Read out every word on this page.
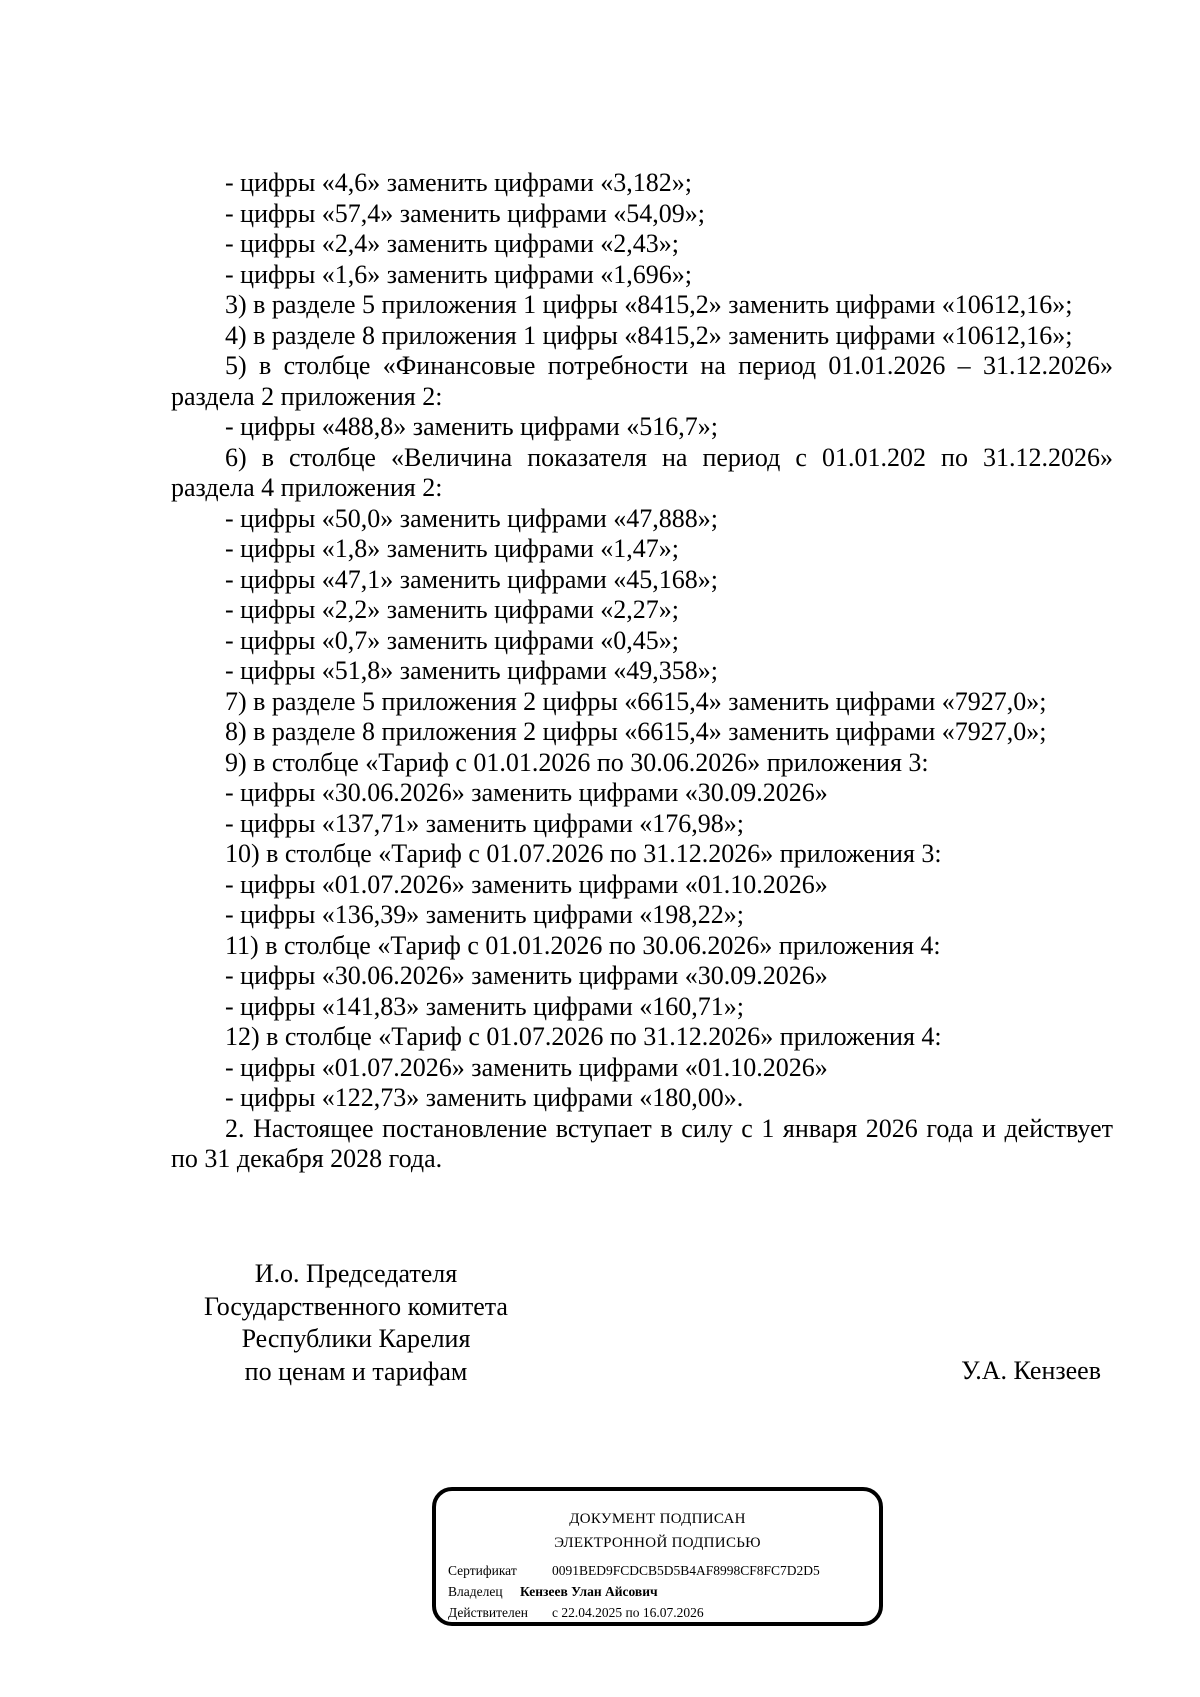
- цифры «4,6» заменить цифрами «3,182»;
- цифры «57,4» заменить цифрами «54,09»;
- цифры «2,4» заменить цифрами «2,43»;
- цифры «1,6» заменить цифрами «1,696»;
3) в разделе 5 приложения 1 цифры «8415,2» заменить цифрами «10612,16»;
4) в разделе 8 приложения 1 цифры «8415,2» заменить цифрами «10612,16»;
5) в столбце «Финансовые потребности на период 01.01.2026 – 31.12.2026» раздела 2 приложения 2:
- цифры «488,8» заменить цифрами «516,7»;
6) в столбце «Величина показателя на период с 01.01.202 по 31.12.2026» раздела 4 приложения 2:
- цифры «50,0» заменить цифрами «47,888»;
- цифры «1,8» заменить цифрами «1,47»;
- цифры «47,1» заменить цифрами «45,168»;
- цифры «2,2» заменить цифрами «2,27»;
- цифры «0,7» заменить цифрами «0,45»;
- цифры «51,8» заменить цифрами «49,358»;
7) в разделе 5 приложения 2 цифры «6615,4» заменить цифрами «7927,0»;
8) в разделе 8 приложения 2 цифры «6615,4» заменить цифрами «7927,0»;
9) в столбце «Тариф с 01.01.2026 по 30.06.2026» приложения 3:
- цифры «30.06.2026» заменить цифрами «30.09.2026»
- цифры «137,71» заменить цифрами «176,98»;
10) в столбце «Тариф с 01.07.2026 по 31.12.2026» приложения 3:
- цифры «01.07.2026» заменить цифрами «01.10.2026»
- цифры «136,39» заменить цифрами «198,22»;
11) в столбце «Тариф с 01.01.2026 по 30.06.2026» приложения 4:
- цифры «30.06.2026» заменить цифрами «30.09.2026»
- цифры «141,83» заменить цифрами «160,71»;
12) в столбце «Тариф с 01.07.2026 по 31.12.2026» приложения 4:
- цифры «01.07.2026» заменить цифрами «01.10.2026»
- цифры «122,73» заменить цифрами «180,00».
2. Настоящее постановление вступает в силу с 1 января 2026 года и действует по 31 декабря 2028 года.
И.о. Председателя
Государственного комитета
Республики Карелия
по ценам и тарифам	У.А. Кензеев
ДОКУМЕНТ ПОДПИСАН
ЭЛЕКТРОННОЙ ПОДПИСЬЮ
Сертификат	0091BED9FCDCB5D5B4AF8998CF8FC7D2D5
Владелец Кензеев Улан Айсович
Действителен с 22.04.2025 по 16.07.2026
